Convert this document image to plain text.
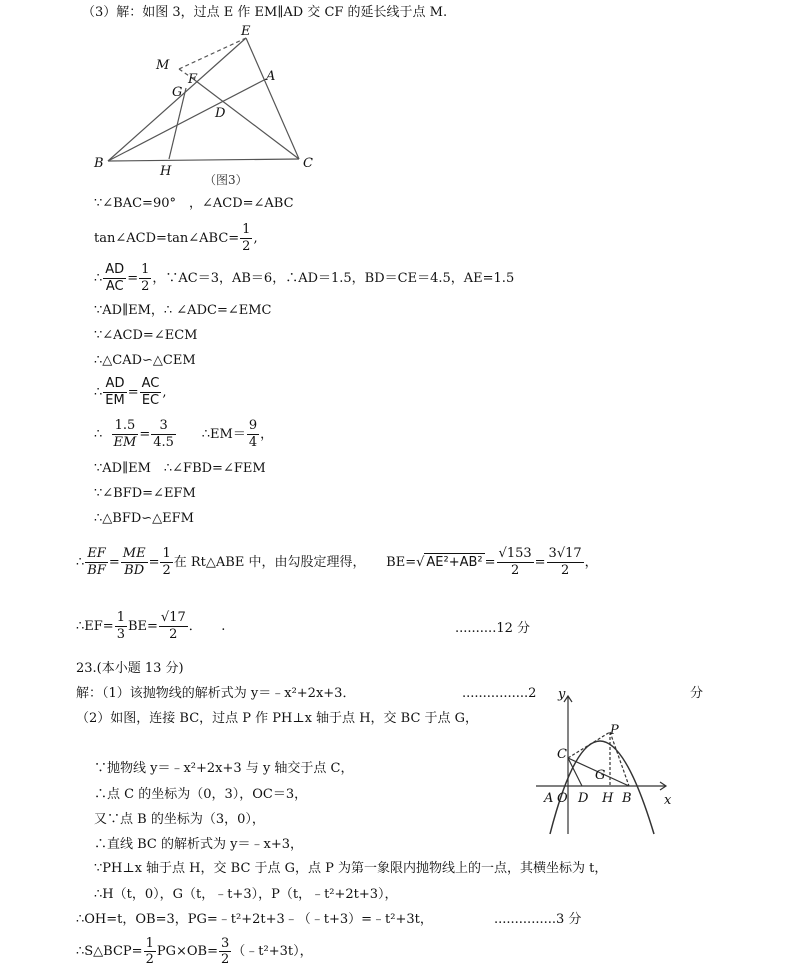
（3）解：如图 3，过点 E 作 EM∥AD 交 CF 的延长线于点 M.
E
M
F
G
A
D
B
H
C
（图3）
∵∠BAC=90°　，∠ACD=∠ABC
tan∠ACD=tan∠ABC= $\frac{1}{2}$ ,
∴ $\frac{AD}{AC} = \frac{1}{2}$ ，∵AC＝3，AB＝6，∴AD＝1.5，BD＝CE＝4.5，AE=1.5
∵AD∥EM，∴ ∠ADC=∠EMC
∵∠ACD=∠ECM
∴△CAD∽△CEM
∴ $\frac{AD}{EM} = \frac{AC}{EC}$ ,
∴ $\frac{1.5}{EM} = \frac{3}{4.5}$ ∴EM＝ $\frac{9}{4}$ ，
∵AD∥EM　∴∠FBD=∠FEM
∵∠BFD=∠EFM
∴△BFD∽△EFM
∴ $\frac{EF}{BF} = \frac{ME}{BD} = \frac{1}{2}$ 在 Rt△ABE 中，由勾股定理得， BE=√ $AE^2+AB^2 = \frac{√153}{2} = \frac{3√17}{2}$ ，
∴EF= $\frac{1}{3} BE= \frac{√17}{2}$ ．　　.	..........12 分
23.(本小题 13 分)
解：（1）该抛物线的解析式为 y＝﹣x²+2x+3．	................2	分
（2）如图，连接 BC，过点 P 作 PH⊥x 轴于点 H，交 BC 于点 G，
y
x
C
P
G
A O D H B
∵抛物线 y＝﹣x²+2x+3 与 y 轴交于点 C，
∴点 C 的坐标为（0，3），OC＝3，
又∵点 B 的坐标为（3，0），
∴直线 BC 的解析式为 y＝﹣x+3，
∵PH⊥x 轴于点 H，交 BC 于点 G，点 P 为第一象限内抛物线上的一点，其横坐标为 t，
∴H（t，0），G（t，﹣t+3），P（t，﹣t²+2t+3），
∴OH=t，OB=3，PG=﹣t²+2t+3﹣（﹣t+3）=﹣t²+3t，	...............3 分
∴S△BCP= $\frac{1}{2} PG\times OB= \frac{3}{2}$ （﹣t²+3t），
